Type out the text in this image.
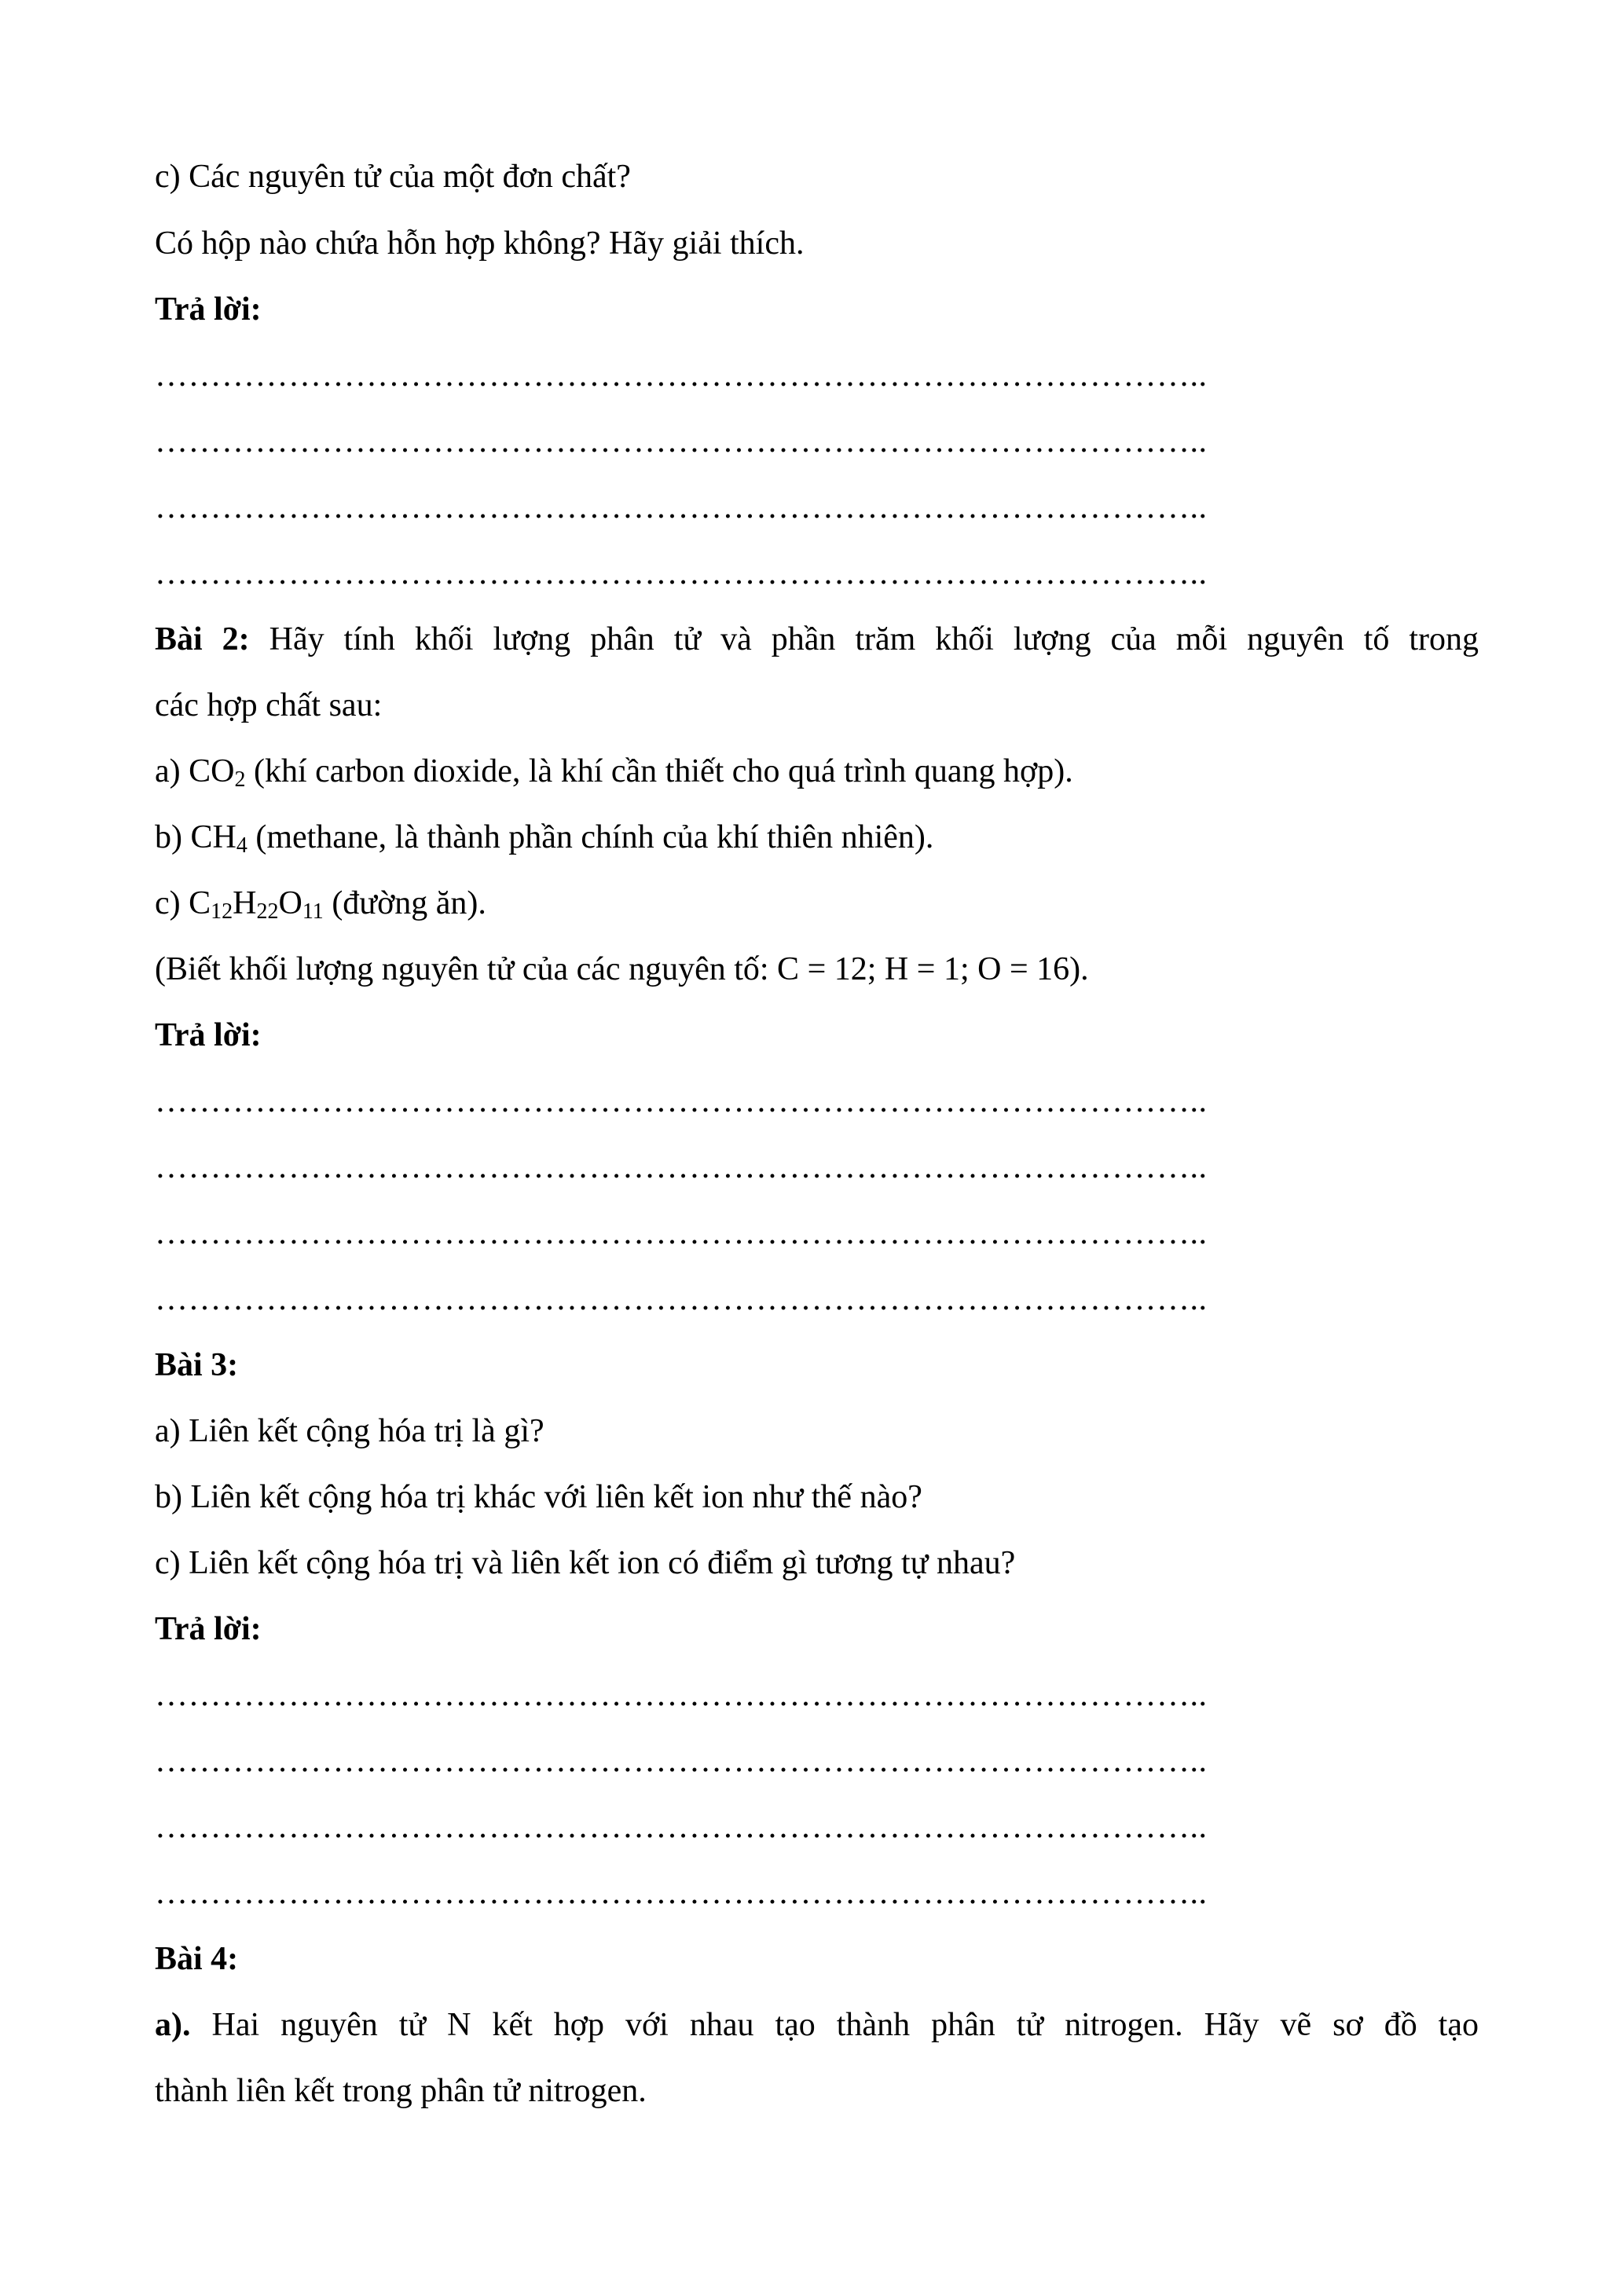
c) Các nguyên tử của một đơn chất?
Có hộp nào chứa hỗn hợp không? Hãy giải thích.
Trả lời:
…………………………………………………………………………………..
…………………………………………………………………………………..
…………………………………………………………………………………..
…………………………………………………………………………………..
Bài 2: Hãy tính khối lượng phân tử và phần trăm khối lượng của mỗi nguyên tố trong
các hợp chất sau:
a) $CO_2$ (khí carbon dioxide, là khí cần thiết cho quá trình quang hợp).
b) $CH_4$ (methane, là thành phần chính của khí thiên nhiên).
c) $C_{12}H_{22}O_{11}$ (đường ăn).
(Biết khối lượng nguyên tử của các nguyên tố: C = 12; H = 1; O = 16).
Trả lời:
…………………………………………………………………………………..
…………………………………………………………………………………..
…………………………………………………………………………………..
…………………………………………………………………………………..
Bài 3:
a) Liên kết cộng hóa trị là gì?
b) Liên kết cộng hóa trị khác với liên kết ion như thế nào?
c) Liên kết cộng hóa trị và liên kết ion có điểm gì tương tự nhau?
Trả lời:
…………………………………………………………………………………..
…………………………………………………………………………………..
…………………………………………………………………………………..
…………………………………………………………………………………..
Bài 4:
a). Hai nguyên tử N kết hợp với nhau tạo thành phân tử nitrogen. Hãy vẽ sơ đồ tạo
thành liên kết trong phân tử nitrogen.
